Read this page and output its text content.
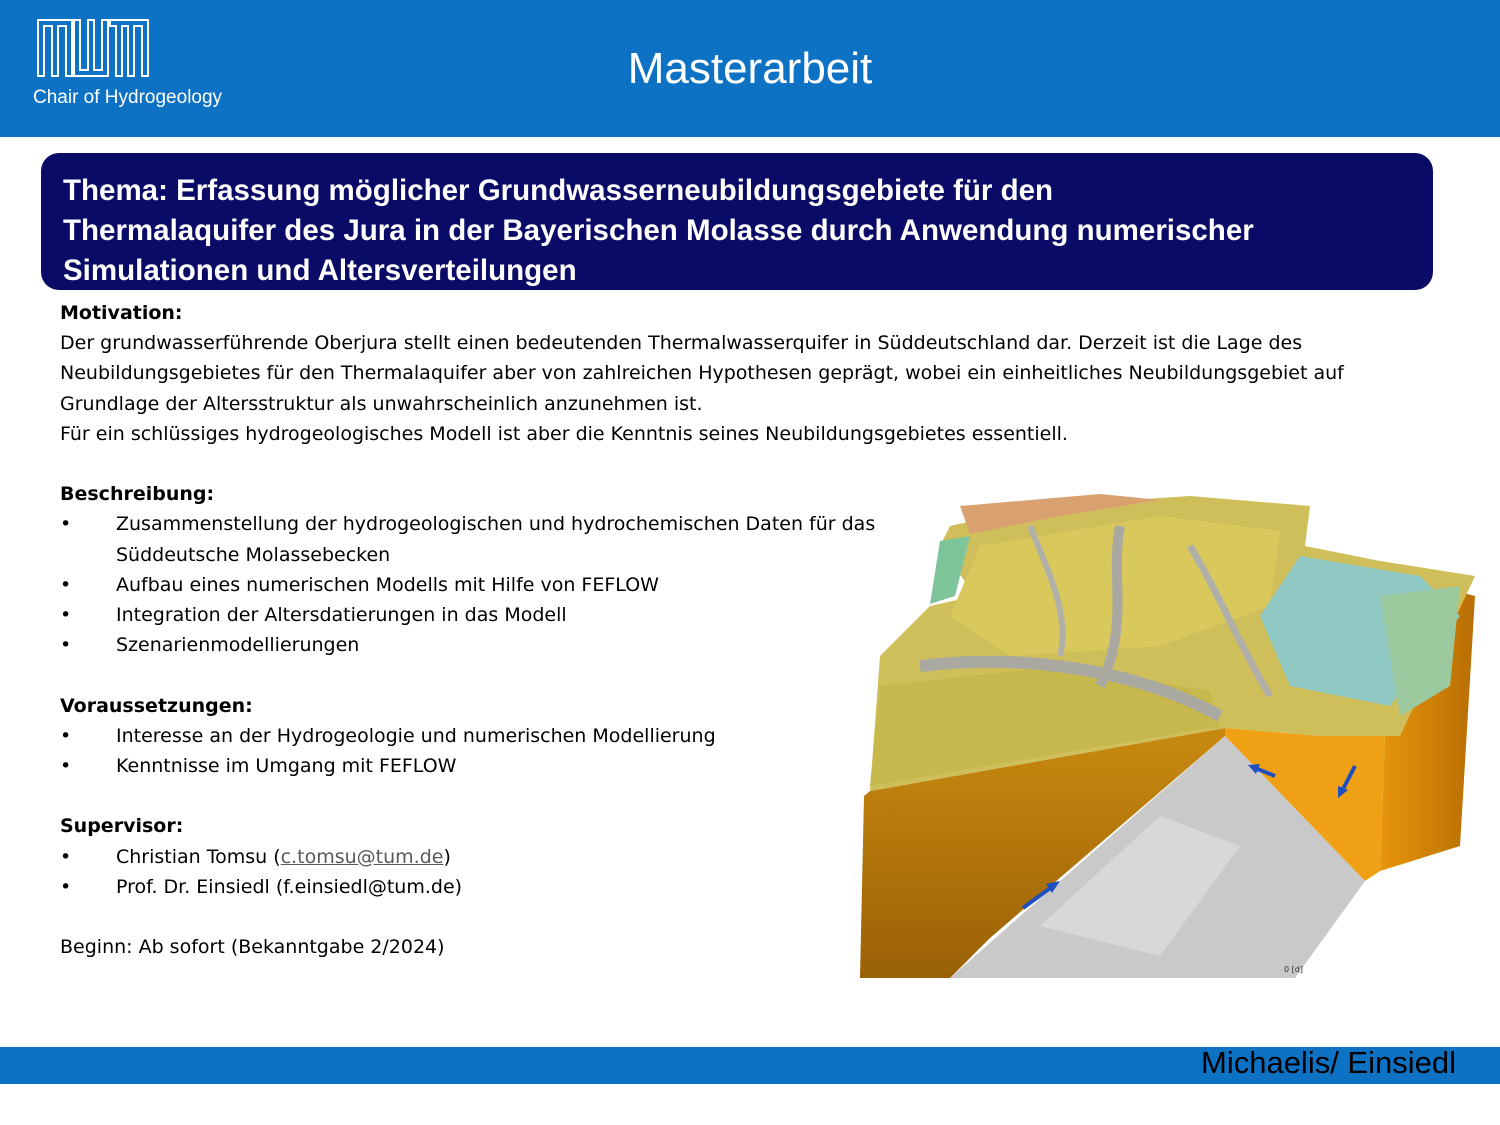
Chair of Hydrogeology
Masterarbeit
Thema: Erfassung möglicher Grundwasserneubildungsgebiete für den
Thermalaquifer des Jura in der Bayerischen Molasse durch Anwendung numerischer
Simulationen und Altersverteilungen
Motivation:
Der grundwasserführende Oberjura stellt einen bedeutenden Thermalwasserquifer in Süddeutschland dar. Derzeit ist die Lage des Neubildungsgebietes für den Thermalaquifer aber von zahlreichen Hypothesen geprägt, wobei ein einheitliches Neubildungsgebiet auf Grundlage der Altersstruktur als unwahrscheinlich anzunehmen ist.
Für ein schlüssiges hydrogeologisches Modell ist aber die Kenntnis seines Neubildungsgebietes essentiell.
Beschreibung:
• Zusammenstellung der hydrogeologischen und hydrochemischen Daten für das Süddeutsche Molassebecken
• Aufbau eines numerischen Modells mit Hilfe von FEFLOW
• Integration der Altersdatierungen in das Modell
• Szenarienmodellierungen
Voraussetzungen:
• Interesse an der Hydrogeologie und numerischen Modellierung
• Kenntnisse im Umgang mit FEFLOW
Supervisor:
• Christian Tomsu (c.tomsu@tum.de)
• Prof. Dr. Einsiedl (f.einsiedl@tum.de)
Beginn: Ab sofort (Bekanntgabe 2/2024)
0 [d]
Michaelis/ Einsiedl
